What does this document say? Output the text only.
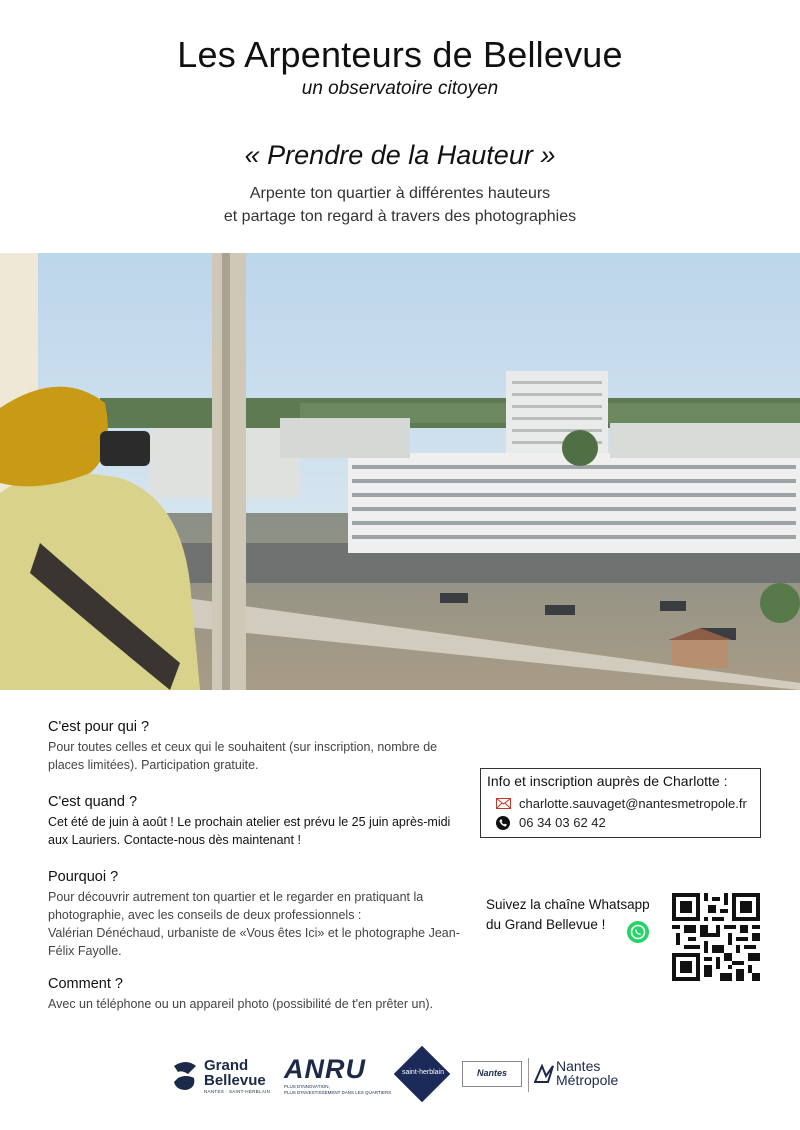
Les Arpenteurs de Bellevue
un observatoire citoyen
« Prendre de la Hauteur »
Arpente ton quartier à différentes hauteurs
et partage ton regard à travers des photographies
C'est pour qui ?

Pour toutes celles et ceux qui le souhaitent (sur inscription, nombre de places limitées). Participation gratuite.

C'est quand ?

Cet été de juin à août ! Le prochain atelier est prévu le 25 juin après-midi aux Lauriers. Contacte-nous dès maintenant !

Pourquoi ?

Pour découvrir autrement ton quartier et le regarder en pratiquant la photographie, avec les conseils de deux professionnels :

Valérian Dénéchaud, urbaniste de «Vous êtes Ici» et le photographe Jean-Félix Fayolle.

Comment ?

Avec un téléphone ou un appareil photo (possibilité de t'en prêter un).

Info et inscription auprès de Charlotte :
charlotte.sauvaget@nantesmetropole.fr
06 34 03 62 42
Suivez la chaîne Whatsapp
du Grand Bellevue !
Grand
Bellevue
NANTES · SAINT-HERBLAIN
ANRU
PLUS D'INNOVATION,
PLUS D'INVESTISSEMENT DANS LES QUARTIERS
saint-herblain	Nantes	Nantes
Métropole
